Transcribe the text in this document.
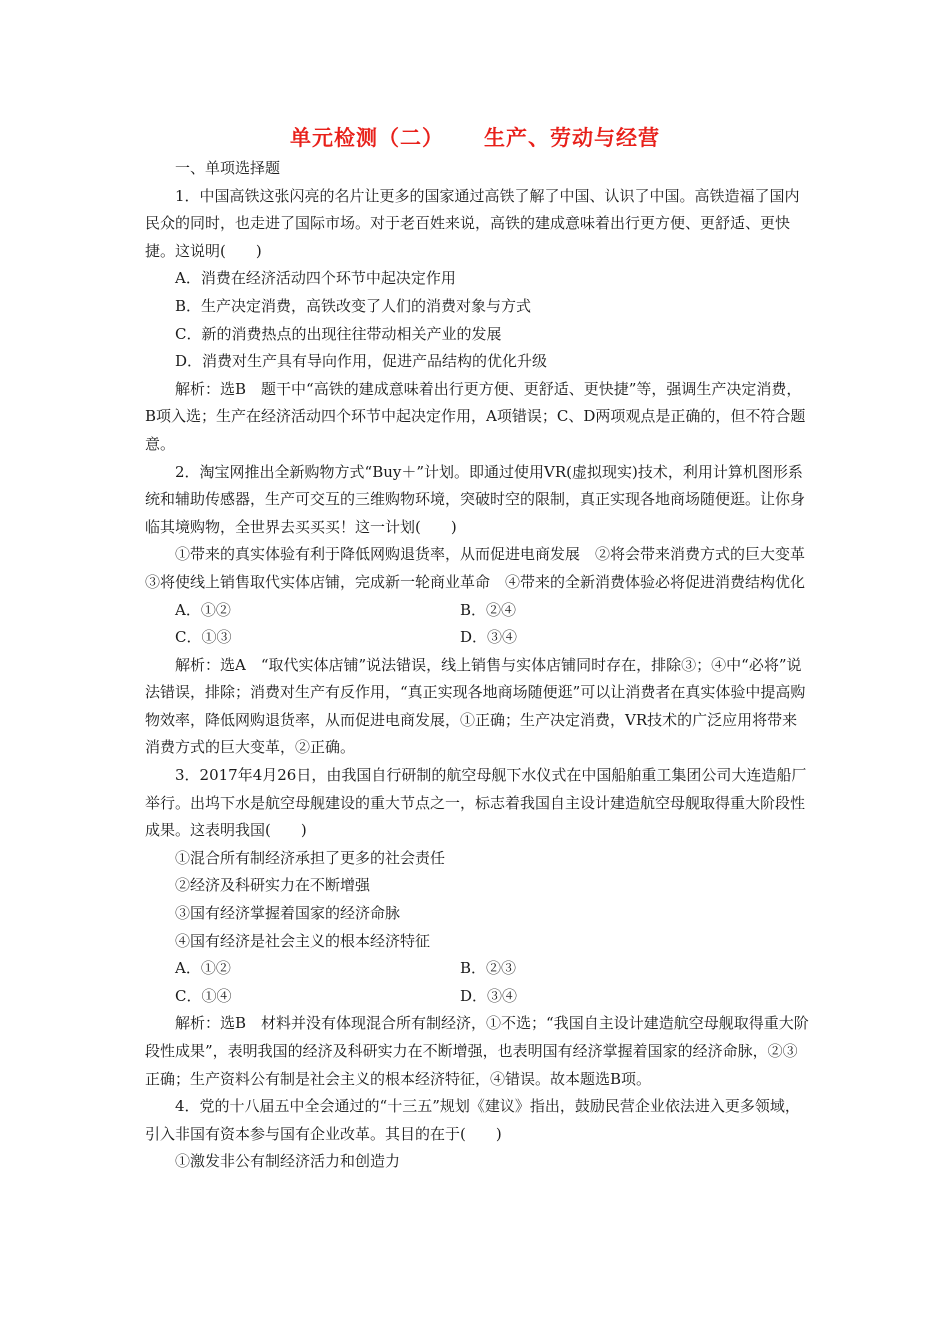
单元检测（二） 生产、劳动与经营

一、单项选择题

1．中国高铁这张闪亮的名片让更多的国家通过高铁了解了中国、认识了中国。高铁造福了国内民众的同时，也走进了国际市场。对于老百姓来说，高铁的建成意味着出行更方便、更舒适、更快捷。这说明(　　)

A．消费在经济活动四个环节中起决定作用

B．生产决定消费，高铁改变了人们的消费对象与方式

C．新的消费热点的出现往往带动相关产业的发展

D．消费对生产具有导向作用，促进产品结构的优化升级

解析：选B　题干中“高铁的建成意味着出行更方便、更舒适、更快捷”等，强调生产决定消费，B项入选；生产在经济活动四个环节中起决定作用，A项错误；C、D两项观点是正确的，但不符合题意。

2．淘宝网推出全新购物方式“Buy＋”计划。即通过使用VR(虚拟现实)技术，利用计算机图形系统和辅助传感器，生产可交互的三维购物环境，突破时空的限制，真正实现各地商场随便逛。让你身临其境购物，全世界去买买买！这一计划(　　)

①带来的真实体验有利于降低网购退货率，从而促进电商发展　②将会带来消费方式的巨大变革　③将使线上销售取代实体店铺，完成新一轮商业革命　④带来的全新消费体验必将促进消费结构优化

A．①②	B．②④
C．①③	D．③④

解析：选A　“取代实体店铺”说法错误，线上销售与实体店铺同时存在，排除③；④中“必将”说法错误，排除；消费对生产有反作用，“真正实现各地商场随便逛”可以让消费者在真实体验中提高购物效率，降低网购退货率，从而促进电商发展，①正确；生产决定消费，VR技术的广泛应用将带来消费方式的巨大变革，②正确。

3．2017年4月26日，由我国自行研制的航空母舰下水仪式在中国船舶重工集团公司大连造船厂举行。出坞下水是航空母舰建设的重大节点之一，标志着我国自主设计建造航空母舰取得重大阶段性成果。这表明我国(　　)

①混合所有制经济承担了更多的社会责任

②经济及科研实力在不断增强

③国有经济掌握着国家的经济命脉

④国有经济是社会主义的根本经济特征

A．①②	B．②③
C．①④	D．③④

解析：选B　材料并没有体现混合所有制经济，①不选；“我国自主设计建造航空母舰取得重大阶段性成果”，表明我国的经济及科研实力在不断增强，也表明国有经济掌握着国家的经济命脉，②③正确；生产资料公有制是社会主义的根本经济特征，④错误。故本题选B项。

4．党的十八届五中全会通过的“十三五”规划《建议》指出，鼓励民营企业依法进入更多领域，引入非国有资本参与国有企业改革。其目的在于(　　)

①激发非公有制经济活力和创造力
